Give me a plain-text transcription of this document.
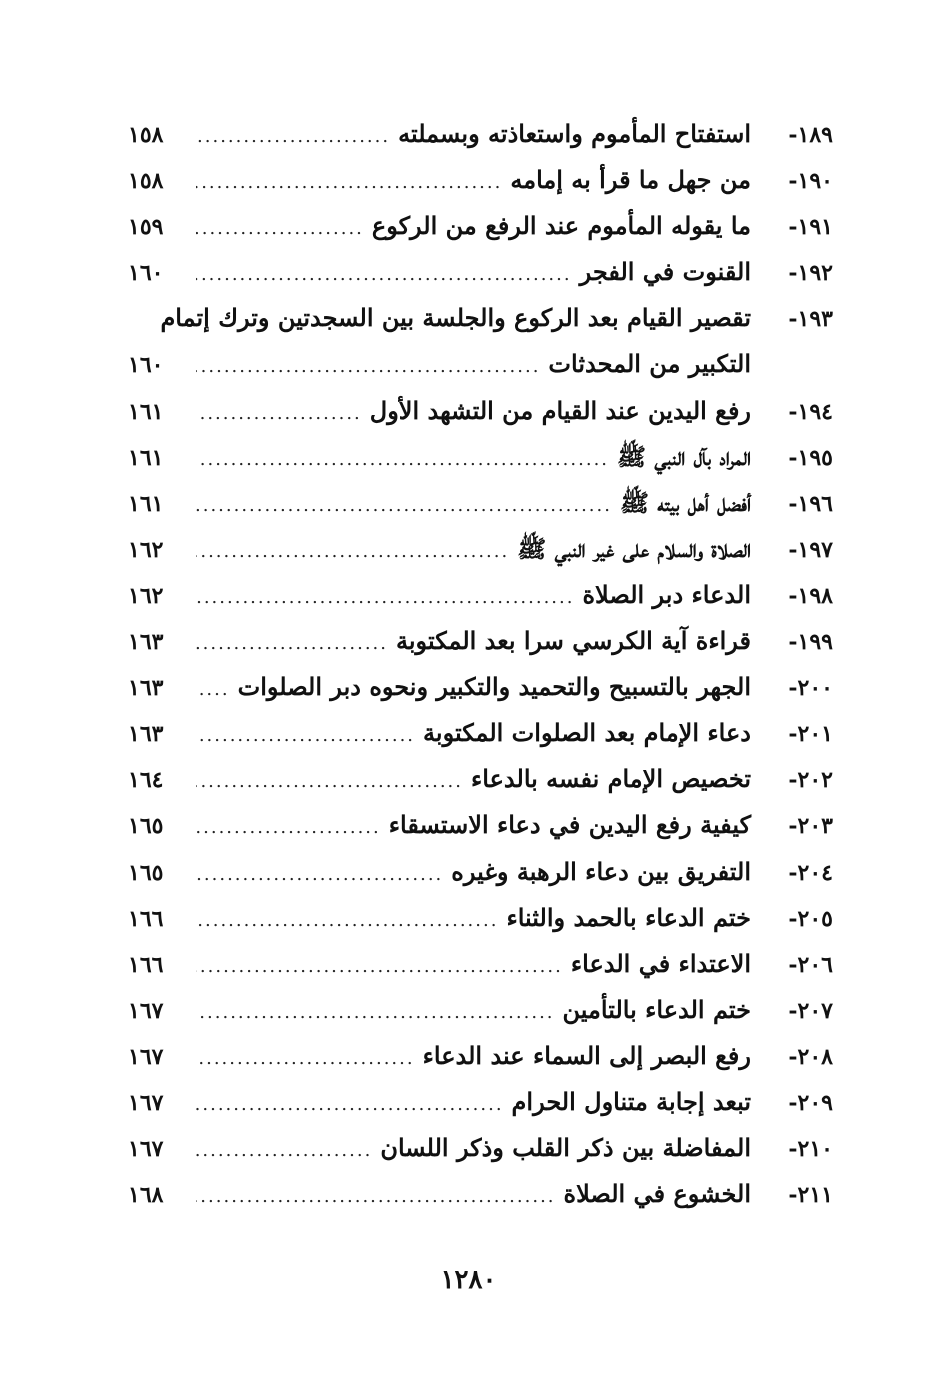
١٨٩-
استفتاح المأموم واستعاذته وبسملته
.....
١٥٨
١٩٠-
من جهل ما قرأ به إمامه
.....
١٥٨
١٩١-
ما يقوله المأموم عند الرفع من الركوع
.....
١٥٩
١٩٢-
القنوت في الفجر
.....
١٦٠
١٩٣-
تقصير القيام بعد الركوع والجلسة بين السجدتين وترك إتمام
التكبير من المحدثات
.....
١٦٠
١٩٤-
رفع اليدين عند القيام من التشهد الأول
.....
١٦١
١٩٥-
المراد بآل النبي ﷺ
.....
١٦١
١٩٦-
أفضل أهل بيته ﷺ
.....
١٦١
١٩٧-
الصلاة والسلام على غير النبي ﷺ
.....
١٦٢
١٩٨-
الدعاء دبر الصلاة
.....
١٦٢
١٩٩-
قراءة آية الكرسي سرا بعد المكتوبة
.....
١٦٣
٢٠٠-
الجهر بالتسبيح والتحميد والتكبير ونحوه دبر الصلوات
.....
١٦٣
٢٠١-
دعاء الإمام بعد الصلوات المكتوبة
.....
١٦٣
٢٠٢-
تخصيص الإمام نفسه بالدعاء
.....
١٦٤
٢٠٣-
كيفية رفع اليدين في دعاء الاستسقاء
.....
١٦٥
٢٠٤-
التفريق بين دعاء الرهبة وغيره
.....
١٦٥
٢٠٥-
ختم الدعاء بالحمد والثناء
.....
١٦٦
٢٠٦-
الاعتداء في الدعاء
.....
١٦٦
٢٠٧-
ختم الدعاء بالتأمين
.....
١٦٧
٢٠٨-
رفع البصر إلى السماء عند الدعاء
.....
١٦٧
٢٠٩-
تبعد إجابة متناول الحرام
.....
١٦٧
٢١٠-
المفاضلة بين ذكر القلب وذكر اللسان
.....
١٦٧
٢١١-
الخشوع في الصلاة
.....
١٦٨
١٢٨٠
